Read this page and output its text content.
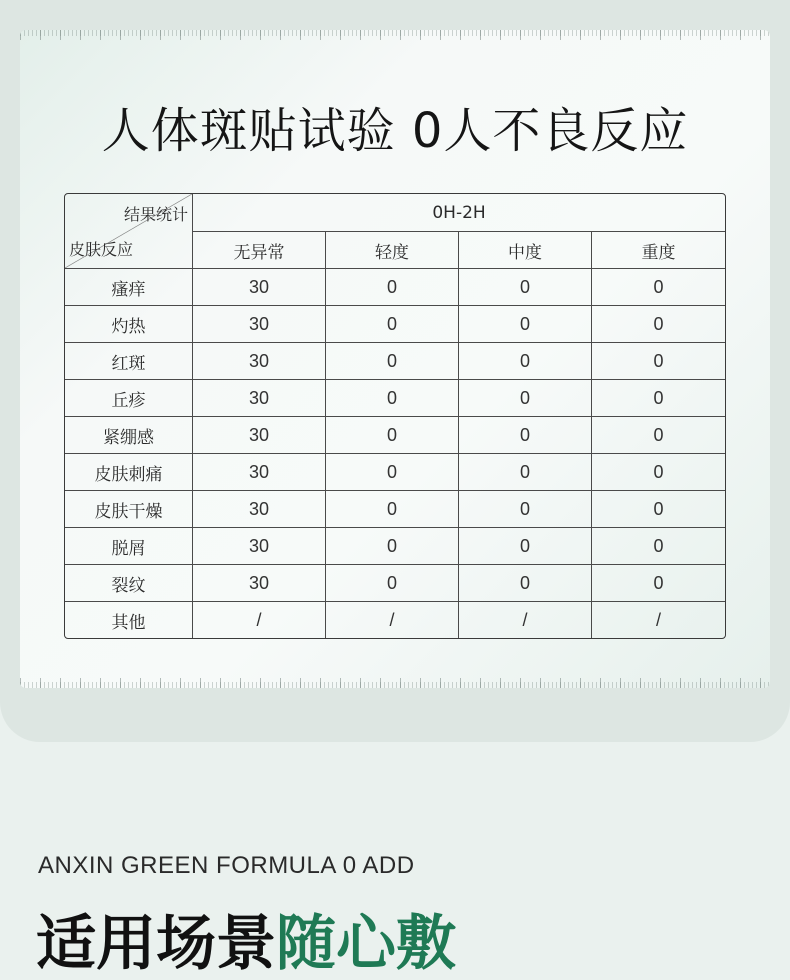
人体斑贴试验 0人不良反应
结果统计
皮肤反应	0H-2H			
	无异常	轻度	中度	重度
瘙痒	30	0	0	0
灼热	30	0	0	0
红斑	30	0	0	0
丘疹	30	0	0	0
紧绷感	30	0	0	0
皮肤刺痛	30	0	0	0
皮肤干燥	30	0	0	0
脱屑	30	0	0	0
裂纹	30	0	0	0
其他	/	/	/	/

ANXIN GREEN FORMULA 0 ADD

适用场景随心敷
